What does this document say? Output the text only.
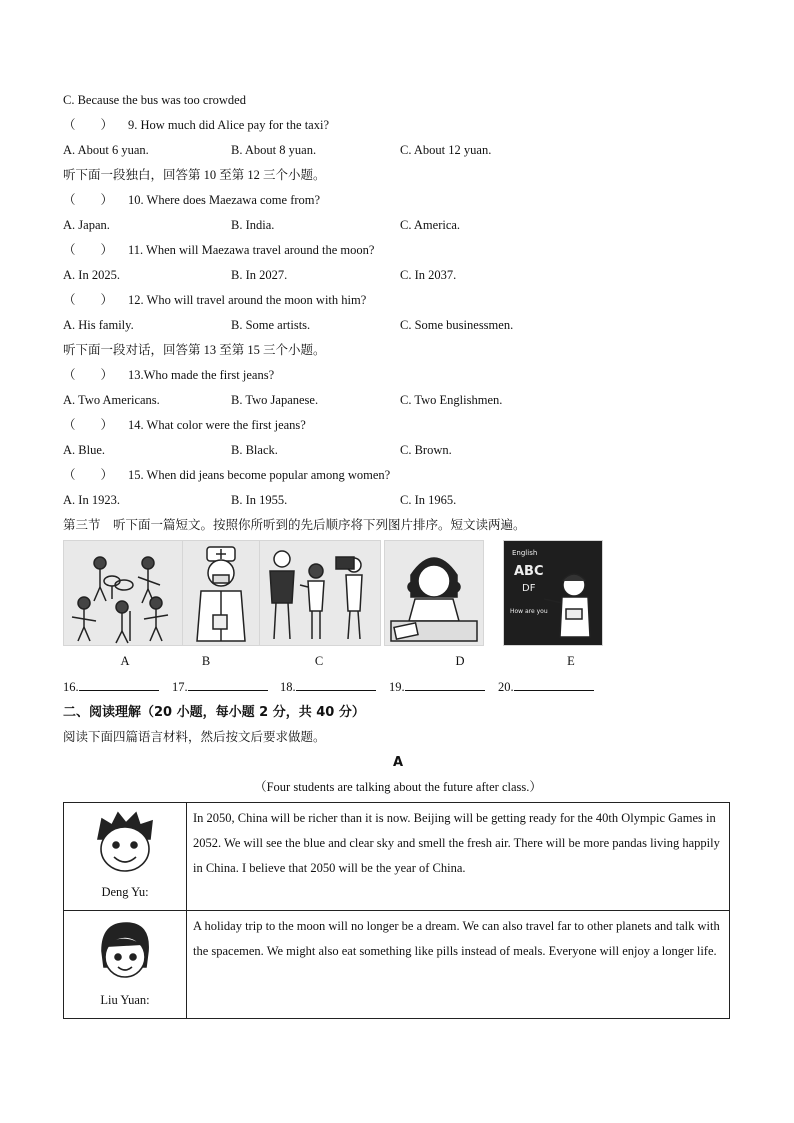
C. Because the bus was too crowded
（　　） 9. How much did Alice pay for the taxi?
A. About 6 yuan.	B. About 8 yuan.	C. About 12 yuan.
听下面一段独白，回答第 10 至第 12 三个小题。
（　　） 10. Where does Maezawa come from?
A. Japan.	B. India.	C. America.
（　　） 11. When will Maezawa travel around the moon?
A. In 2025.	B. In 2027.	C. In 2037.
（　　） 12. Who will travel around the moon with him?
A. His family.	B. Some artists.	C. Some businessmen.
听下面一段对话，回答第 13 至第 15 三个小题。
（　　） 13.Who made the first jeans?
A. Two Americans.	B. Two Japanese.	C. Two Englishmen.
（　　） 14. What color were the first jeans?
A. Blue.	B. Black.	C. Brown.
（　　） 15. When did jeans become popular among women?
A. In 1923.	B. In 1955.	C. In 1965.
第三节　听下面一篇短文。按照你所听到的先后顺序将下列图片排序。短文读两遍。
English
ABC
DF
How are you
A	B	C	D	E
16.	17.	18.	19.	20.
二、阅读理解（20 小题，每小题 2 分，共 40 分）
阅读下面四篇语言材料，然后按文后要求做题。
A
（Four students are talking about the future after class.）
Deng Yu:	In 2050, China will be richer than it is now. Beijing will be getting ready for the 40th Olympic Games in 2052. We will see the blue and clear sky and smell the fresh air. There will be more pandas living happily in China. I believe that 2050 will be the year of China.

Liu Yuan:	A holiday trip to the moon will no longer be a dream. We can also travel far to other planets and talk with the spacemen. We might also eat something like pills instead of meals. Everyone will enjoy a longer life.
